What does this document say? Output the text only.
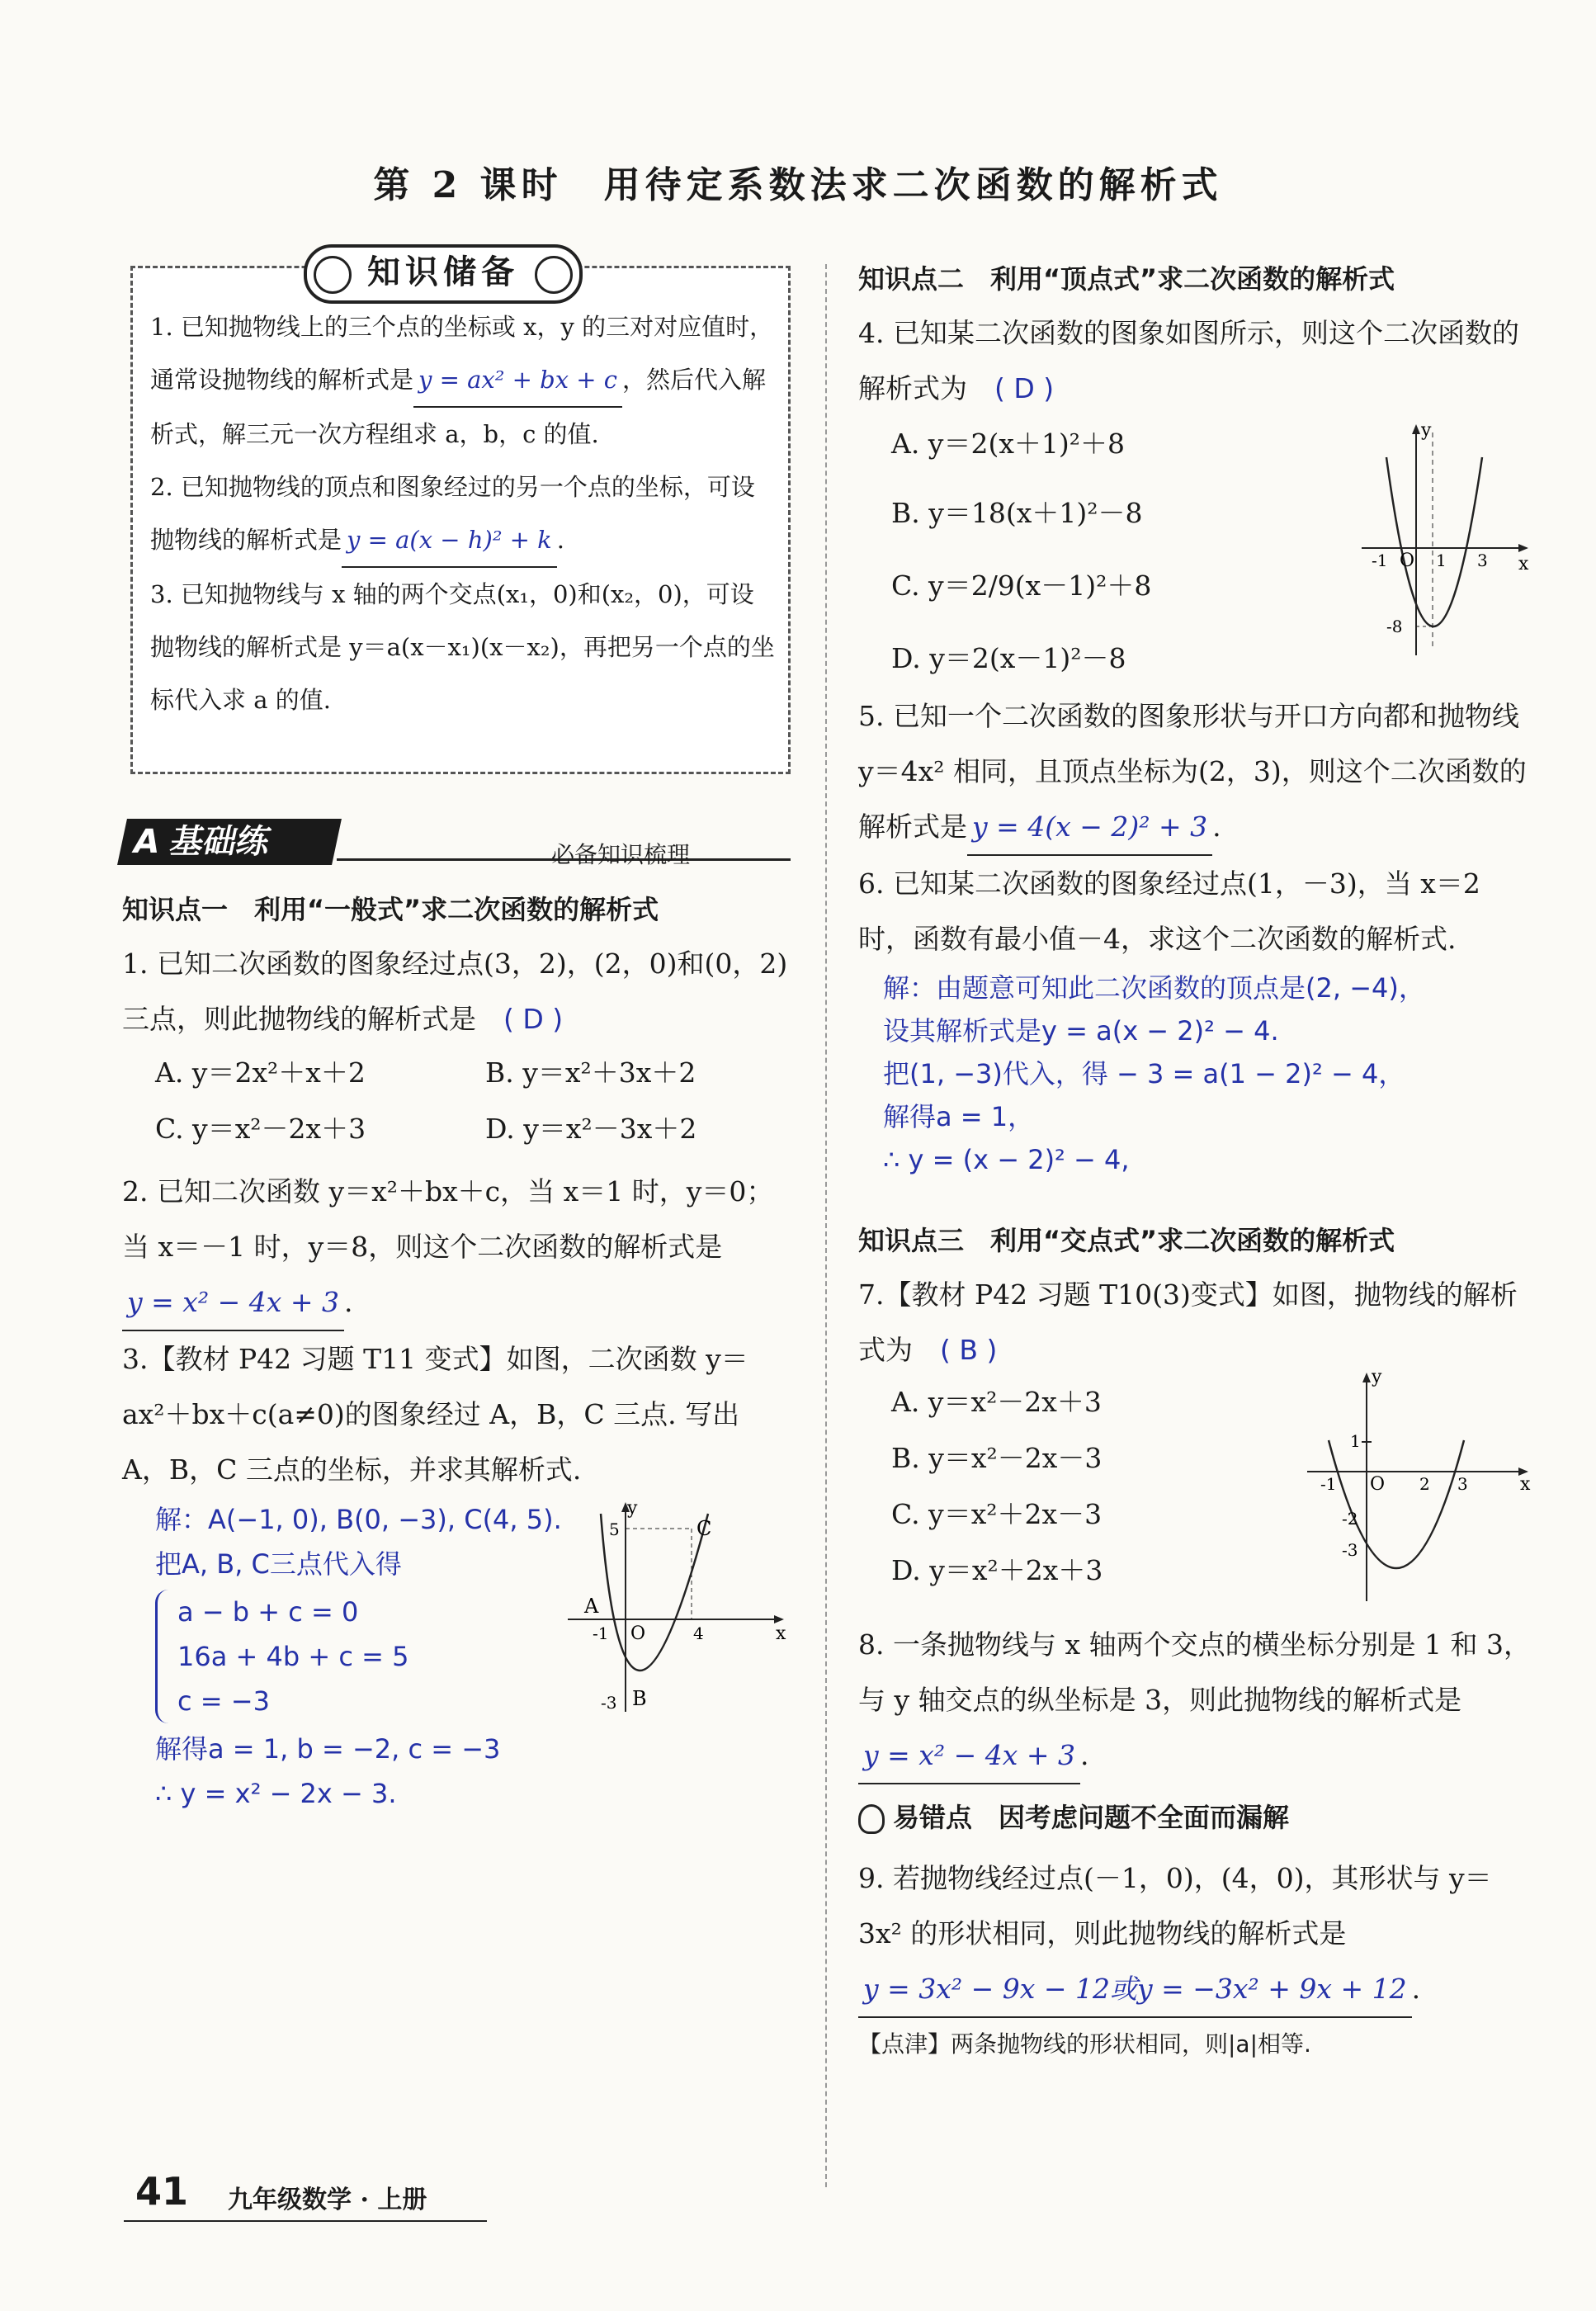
第 2 课时　用待定系数法求二次函数的解析式
知识储备

1. 已知抛物线上的三个点的坐标或 x，y 的三对对应值时，通常设抛物线的解析式是 y = ax² + bx + c ，然后代入解析式，解三元一次方程组求 a，b，c 的值.

2. 已知抛物线的顶点和图象经过的另一个点的坐标，可设抛物线的解析式是 y = a(x − h)² + k .

3. 已知抛物线与 x 轴的两个交点(x₁，0)和(x₂，0)，可设抛物线的解析式是 y＝a(x－x₁)(x－x₂)，再把另一个点的坐标代入求 a 的值.

A 基础练	必备知识梳理

知识点一　利用“一般式”求二次函数的解析式

1. 已知二次函数的图象经过点(3，2)，(2，0)和(0，2)三点，则此抛物线的解析式是　 ( D )

A. y＝2x²＋x＋2	B. y＝x²＋3x＋2
C. y＝x²－2x＋3	D. y＝x²－3x＋2

2. 已知二次函数 y＝x²＋bx＋c，当 x＝1 时，y＝0；当 x＝－1 时，y＝8，则这个二次函数的解析式是y = x² − 4x + 3 .

3.【教材 P42 习题 T11 变式】如图，二次函数 y＝ax²＋bx＋c(a≠0)的图象经过 A，B，C 三点. 写出 A，B，C 三点的坐标，并求其解析式.

解：A(−1, 0), B(0, −3), C(4, 5).
把A, B, C三点代入得
a − b + c = 0
16a + 4b + c = 5
c = −3
解得a = 1, b = −2, c = −3
∴ y = x² − 2x − 3.
y
x
O
A
B
C
-1	4
5
-3

知识点二　利用“顶点式”求二次函数的解析式

4. 已知某二次函数的图象如图所示，则这个二次函数的解析式为　 ( D )

A. y＝2(x＋1)²＋8
B. y＝18(x＋1)²－8
C. y＝2/9(x－1)²＋8
D. y＝2(x－1)²－8
y
x
O
-1	1 3
-8

5. 已知一个二次函数的图象形状与开口方向都和抛物线 y＝4x² 相同，且顶点坐标为(2，3)，则这个二次函数的解析式是 y = 4(x − 2)² + 3 .

6. 已知某二次函数的图象经过点(1，－3)，当 x＝2 时，函数有最小值－4，求这个二次函数的解析式.

解：由题意可知此二次函数的顶点是(2, −4)，
设其解析式是y = a(x − 2)² − 4.
把(1, −3)代入，得 − 3 = a(1 − 2)² − 4，
解得a = 1，
∴ y = (x − 2)² − 4,

知识点三　利用“交点式”求二次函数的解析式

7.【教材 P42 习题 T10(3)变式】如图，抛物线的解析式为　 ( B )

A. y＝x²－2x＋3
B. y＝x²－2x－3
C. y＝x²＋2x－3
D. y＝x²＋2x＋3
y
x
O
1
-1	2 3
-2
-3

8. 一条抛物线与 x 轴两个交点的横坐标分别是 1 和 3，与 y 轴交点的纵坐标是 3，则此抛物线的解析式是y = x² − 4x + 3 .

易错点　因考虑问题不全面而漏解

9. 若抛物线经过点(－1，0)，(4，0)，其形状与 y＝3x² 的形状相同，则此抛物线的解析式是

y = 3x² − 9x − 12或y = −3x² + 9x + 12 .

【点津】两条抛物线的形状相同，则|a|相等.

41 九年级数学 · 上册
